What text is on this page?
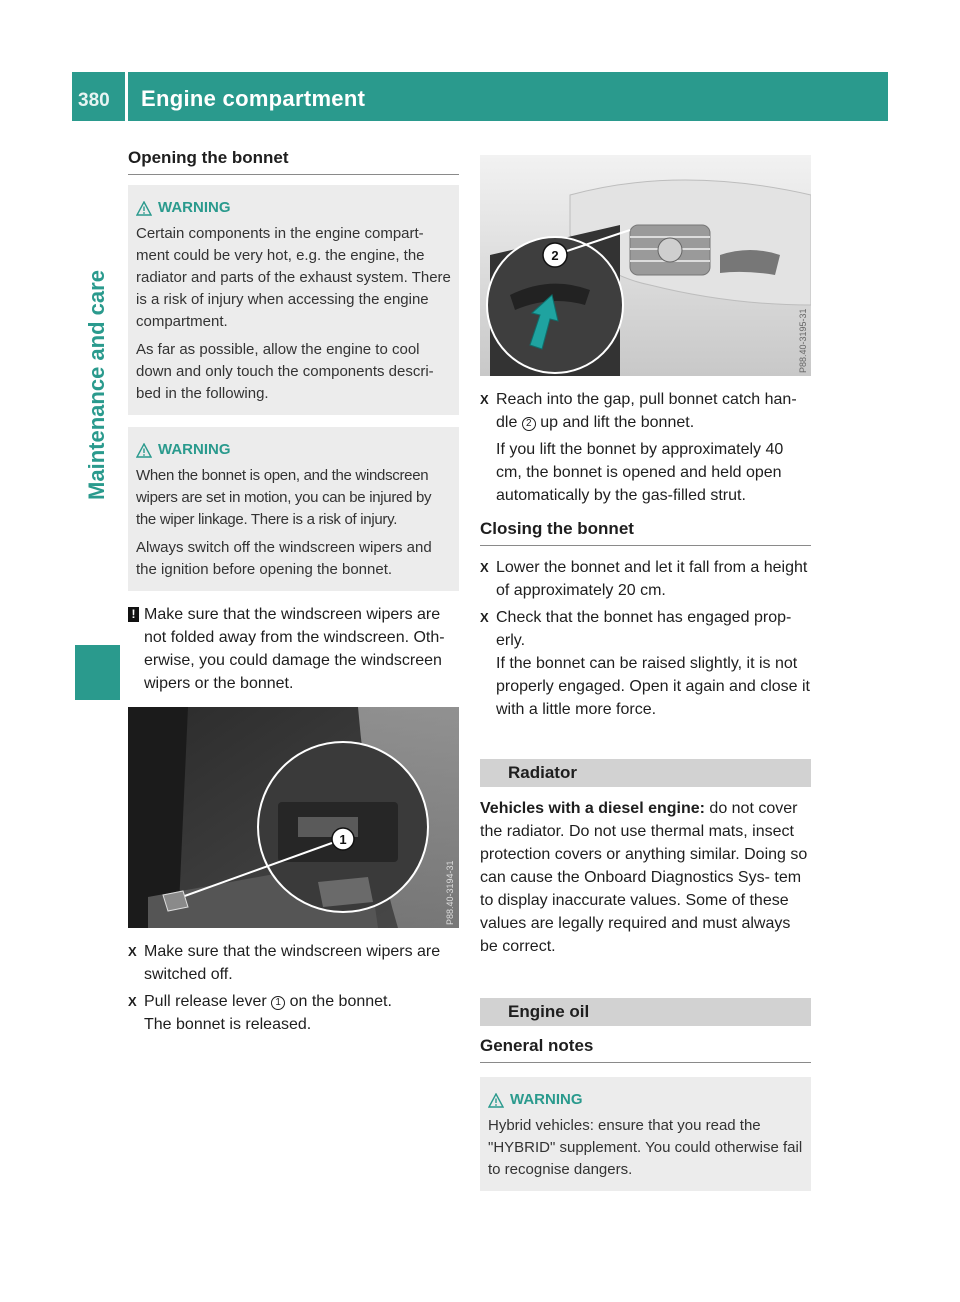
380 Engine compartment
Maintenance and care
Opening the bonnet
WARNING

Certain components in the engine compart- ment could be very hot, e.g. the engine, the radiator and parts of the exhaust system. There is a risk of injury when accessing the engine compartment.

As far as possible, allow the engine to cool down and only touch the components descri- bed in the following.

WARNING

When the bonnet is open, and the windscreen wipers are set in motion, you can be injured by the wiper linkage. There is a risk of injury.

Always switch off the windscreen wipers and the ignition before opening the bonnet.

! Make sure that the windscreen wipers are not folded away from the windscreen. Oth- erwise, you could damage the windscreen wipers or the bonnet.
1
P88.40-3194-31
X Make sure that the windscreen wipers are switched off.

X Pull release lever 1 on the bonnet.

The bonnet is released.

2
P88.40-3195-31
X Reach into the gap, pull bonnet catch han- dle 2 up and lift the bonnet.

If you lift the bonnet by approximately 40 cm, the bonnet is opened and held open automatically by the gas-filled strut.

Closing the bonnet
X Lower the bonnet and let it fall from a height of approximately 20 cm.

X Check that the bonnet has engaged prop- erly.

If the bonnet can be raised slightly, it is not properly engaged. Open it again and close it with a little more force.

Radiator

Vehicles with a diesel engine: do not cover the radiator. Do not use thermal mats, insect protection covers or anything similar. Doing so can cause the Onboard Diagnostics Sys- tem to display inaccurate values. Some of these values are legally required and must always be correct.

Engine oil
General notes
WARNING

Hybrid vehicles: ensure that you read the "HYBRID" supplement. You could otherwise fail to recognise dangers.
